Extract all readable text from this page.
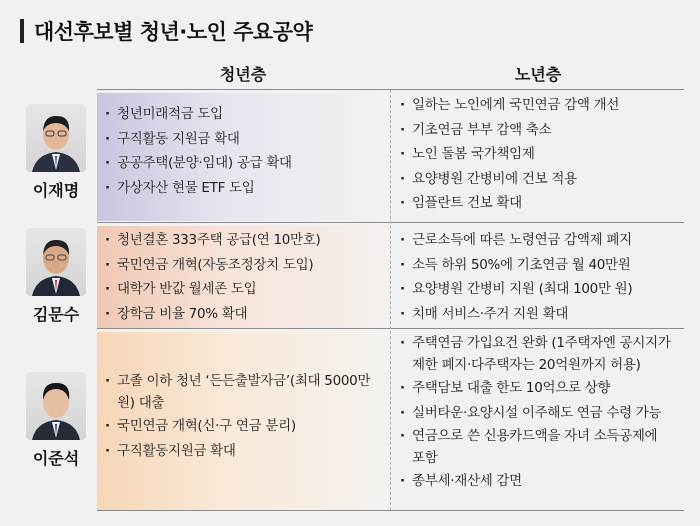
대선후보별 청년·노인 주요공약
청년층	노년층
이재명
· 청년미래적금 도입
· 구직활동 지원금 확대
· 공공주택(분양·임대) 공급 확대
· 가상자산 현물 ETF 도입
· 일하는 노인에게 국민연금 감액 개선
· 기초연금 부부 감액 축소
· 노인 돌봄 국가책임제
· 요양병원 간병비에 건보 적용
· 임플란트 건보 확대
김문수
· 청년결혼 333주택 공급(연 10만호)
· 국민연금 개혁(자동조정장치 도입)
· 대학가 반값 월세존 도입
· 장학금 비율 70% 확대
· 근로소득에 따른 노령연금 감액제 폐지
· 소득 하위 50%에 기초연금 월 40만원
· 요양병원 간병비 지원 (최대 100만 원)
· 치매 서비스·주거 지원 확대
이준석
· 고졸 이하 청년 ‘든든출발자금’(최대 5000만원) 대출
· 국민연금 개혁(신·구 연금 분리)
· 구직활동지원금 확대
· 주택연금 가입요건 완화 (1주택자엔 공시지가 제한 폐지·다주택자는 20억원까지 허용)
· 주택담보 대출 한도 10억으로 상향
· 실버타운·요양시설 이주해도 연금 수령 가능
· 연금으로 쓴 신용카드액을 자녀 소득공제에 포함
· 종부세·재산세 감면
